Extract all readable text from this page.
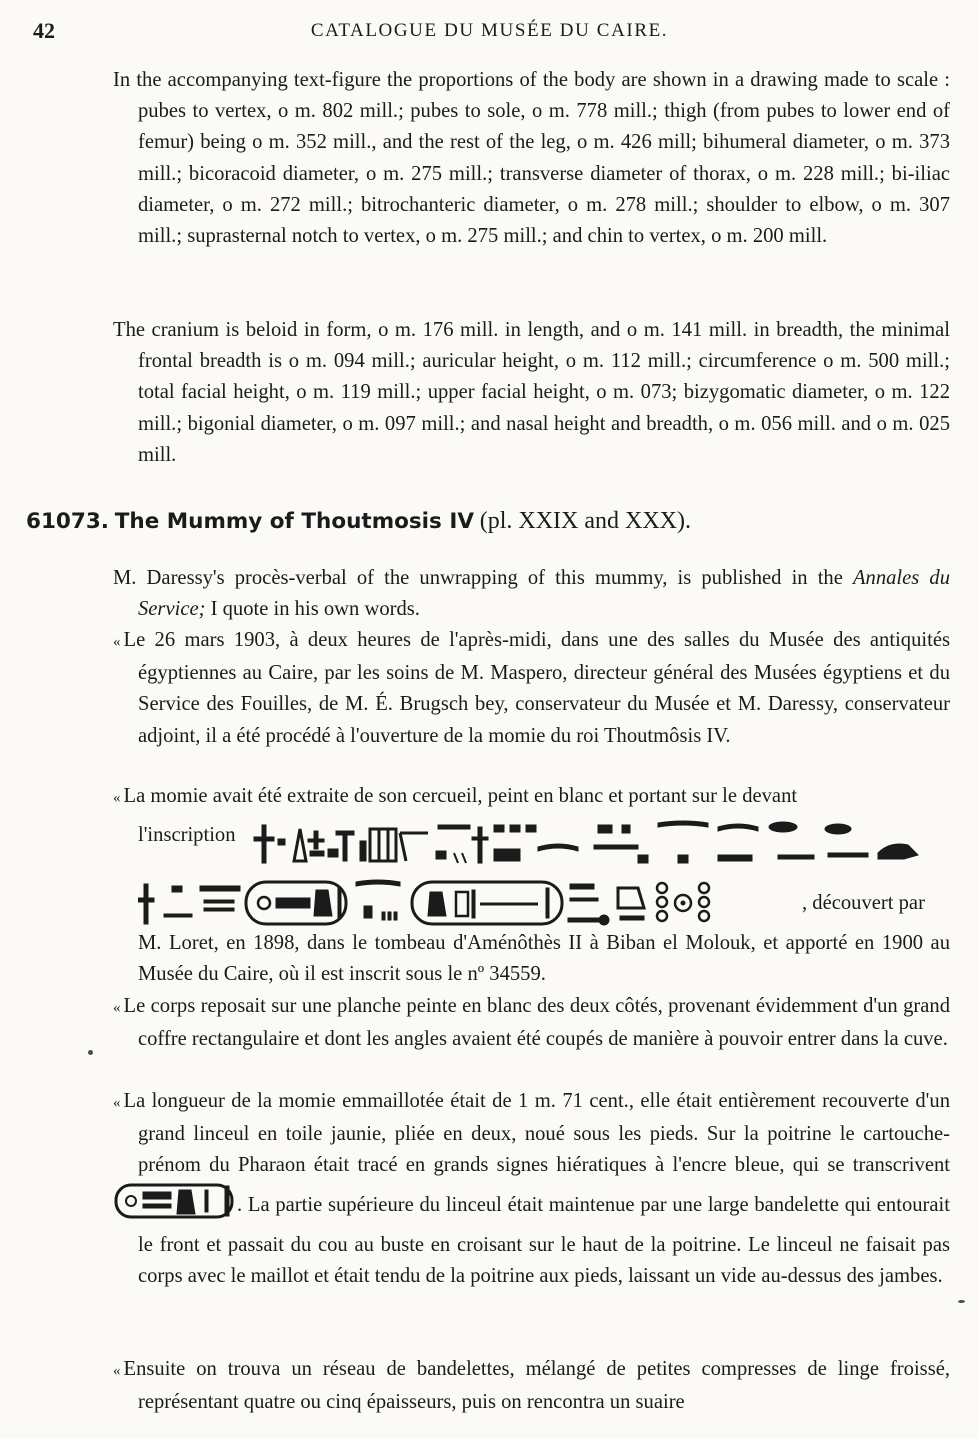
42	CATALOGUE DU MUSÉE DU CAIRE.

In the accompanying text-figure the proportions of the body are shown in a drawing made to scale : pubes to vertex, o m. 802 mill.; pubes to sole, o m. 778 mill.; thigh (from pubes to lower end of femur) being o m. 352 mill., and the rest of the leg, o m. 426 mill; bihumeral diameter, o m. 373 mill.; bicoracoid diameter, o m. 275 mill.; transverse diameter of thorax, o m. 228 mill.; bi-iliac diameter, o m. 272 mill.; bitrochanteric diameter, o m. 278 mill.; shoulder to elbow, o m. 307 mill.; suprasternal notch to vertex, o m. 275 mill.; and chin to vertex, o m. 200 mill.

The cranium is beloid in form, o m. 176 mill. in length, and o m. 141 mill. in breadth, the minimal frontal breadth is o m. 094 mill.; auricular height, o m. 112 mill.; circumference o m. 500 mill.; total facial height, o m. 119 mill.; upper facial height, o m. 073; bizygomatic diameter, o m. 122 mill.; bigonial diameter, o m. 097 mill.; and nasal height and breadth, o m. 056 mill. and o m. 025 mill.

61073. The Mummy of Thoutmosis IV (pl. XXIX and XXX).

M. Daressy's procès-verbal of the unwrapping of this mummy, is published in the Annales du Service; I quote in his own words.

« Le 26 mars 1903, à deux heures de l'après-midi, dans une des salles du Musée des antiquités égyptiennes au Caire, par les soins de M. Maspero, directeur général des Musées égyptiens et du Service des Fouilles, de M. É. Brugsch bey, conservateur du Musée et M. Daressy, conservateur adjoint, il a été procédé à l'ouverture de la momie du roi Thoutmôsis IV.

« La momie avait été extraite de son cercueil, peint en blanc et portant sur le devant

l'inscription
, découvert par

M. Loret, en 1898, dans le tombeau d'Aménôthès II à Biban el Molouk, et apporté en 1900 au Musée du Caire, où il est inscrit sous le nº 34559.

« Le corps reposait sur une planche peinte en blanc des deux côtés, provenant évidemment d'un grand coffre rectangulaire et dont les angles avaient été coupés de manière à pouvoir entrer dans la cuve.

« La longueur de la momie emmaillotée était de 1 m. 71 cent., elle était entièrement recouverte d'un grand linceul en toile jaunie, pliée en deux, noué sous les pieds. Sur la poitrine le cartouche-prénom du Pharaon était tracé en grands signes hiératiques à l'encre bleue, qui se transcrivent . La partie supérieure du linceul était maintenue par une large bandelette qui entourait le front et passait du cou au buste en croisant sur le haut de la poitrine. Le linceul ne faisait pas corps avec le maillot et était tendu de la poitrine aux pieds, laissant un vide au-dessus des jambes.

« Ensuite on trouva un réseau de bandelettes, mélangé de petites compresses de linge froissé, représentant quatre ou cinq épaisseurs, puis on rencontra un suaire
